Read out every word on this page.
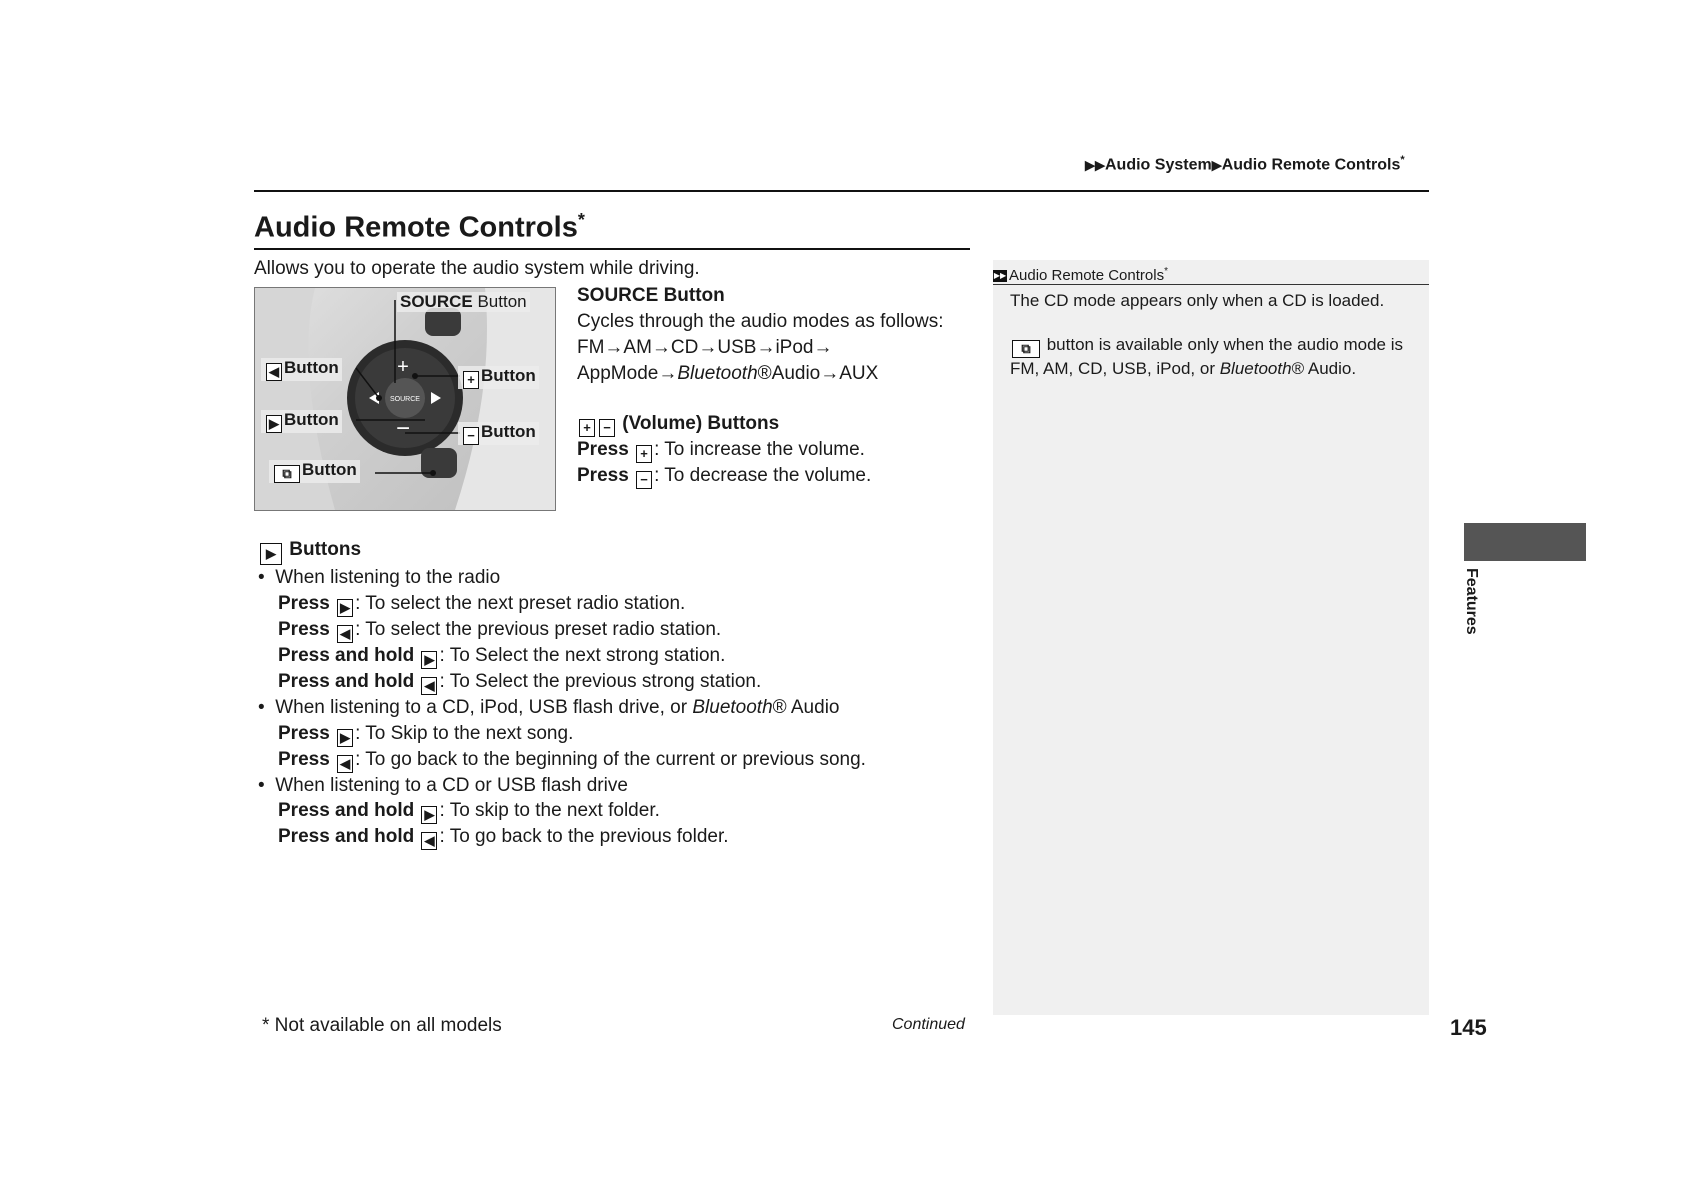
▶▶Audio System▶Audio Remote Controls*
Audio Remote Controls*
Allows you to operate the audio system while driving.	▶▶ Audio Remote Controls*
The CD mode appears only when a CD is loaded.
⧉ button is available only when the audio mode is
FM, AM, CD, USB, iPod, or Bluetooth® Audio.
SOURCE
+
−
SOURCE Button
◀ Button
▶ Button
+ Button
− Button
⧉ Button
SOURCE Button
Cycles through the audio modes as follows:
FM→AM→CD→USB→iPod→
AppMode→Bluetooth®Audio→AUX
+ − (Volume) Buttons
Press + : To increase the volume.
Press − : To decrease the volume.
▶ Buttons
•  When listening to the radio
Press ▶ : To select the next preset radio station.
Press ◀ : To select the previous preset radio station.
Press and hold ▶ : To Select the next strong station.
Press and hold ◀ : To Select the previous strong station.
•  When listening to a CD, iPod, USB flash drive, or Bluetooth® Audio
Press ▶ : To Skip to the next song.
Press ◀ : To go back to the beginning of the current or previous song.
•  When listening to a CD or USB flash drive
Press and hold ▶ : To skip to the next folder.
Press and hold ◀ : To go back to the previous folder.
Features
* Not available on all models	Continued	145
